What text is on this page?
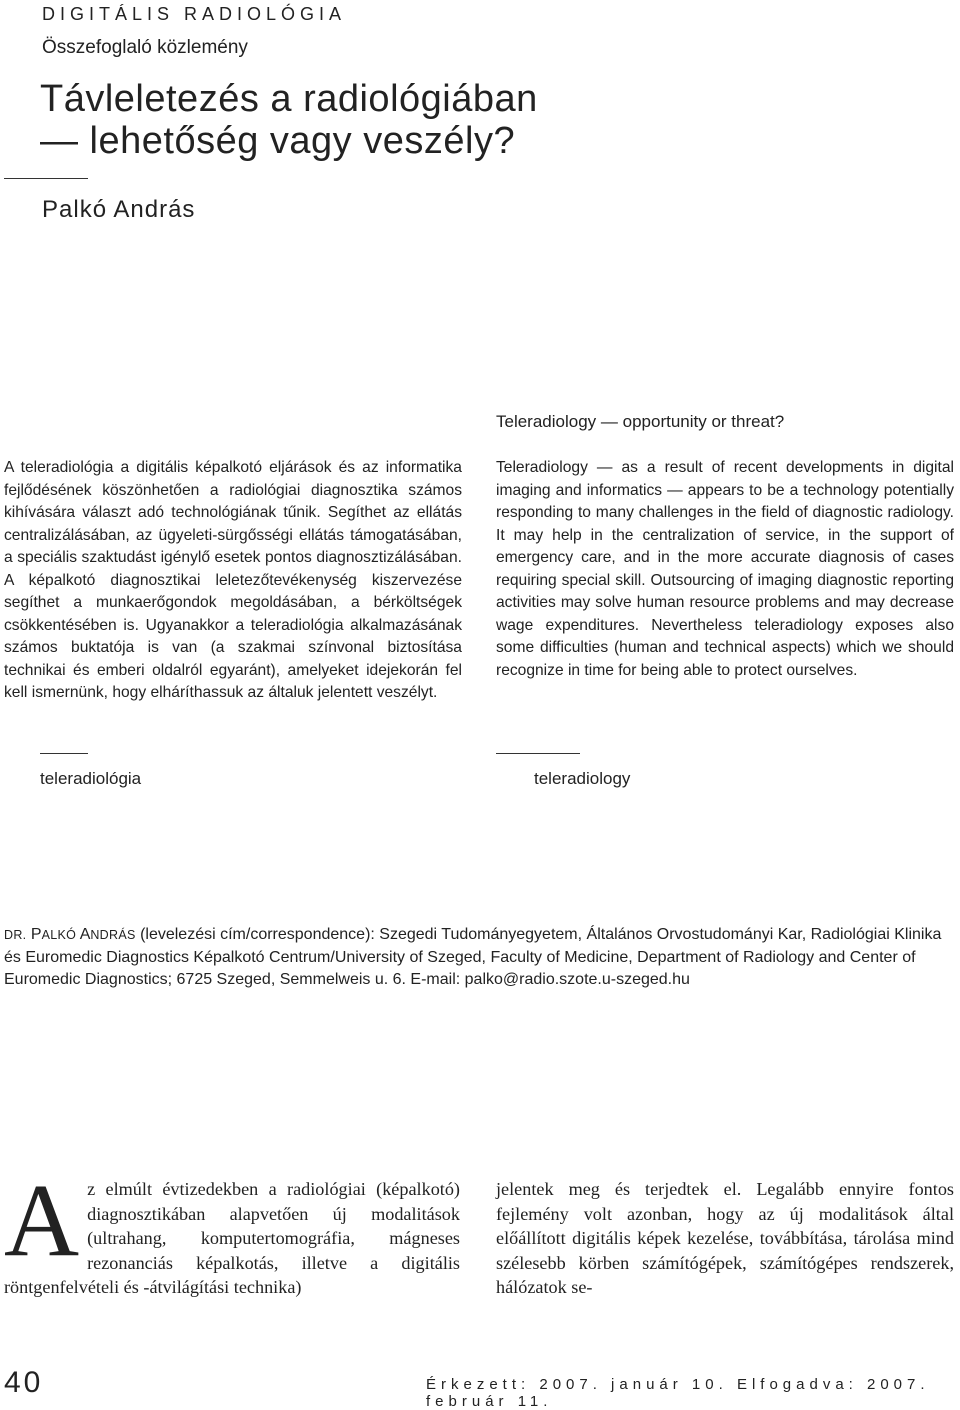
DIGITÁLIS RADIOLÓGIA
Összefoglaló közlemény
Távleletezés a radiológiában
— lehetőség vagy veszély?
Palkó András

A teleradiológia a digitális képalkotó eljárások és az informatika fejlődésének köszönhetően a radiológiai diagnosztika számos kihívására választ adó technológiának tűnik. Segíthet az ellátás centralizálásában, az ügyeleti-sürgősségi ellátás támogatásában, a speciális szaktudást igénylő esetek pontos diagnosztizálásában. A képalkotó diagnosztikai leletezőtevékenység kiszervezése segíthet a munkaerőgondok megoldásában, a bérköltségek csökkentésében is. Ugyanakkor a teleradiológia alkalmazásának számos buktatója is van (a szakmai színvonal biztosítása technikai és emberi oldalról egyaránt), amelyeket idejekorán fel kell ismernünk, hogy elháríthassuk az általuk jelentett veszélyt.

teleradiológia
Teleradiology — opportunity or threat?

Teleradiology — as a result of recent developments in digital imaging and informatics — appears to be a technology potentially responding to many challenges in the field of diagnostic radiology. It may help in the centralization of service, in the support of emergency care, and in the more accurate diagnosis of cases requiring special skill. Outsourcing of imaging diagnostic reporting activities may solve human resource problems and may decrease wage expenditures. Nevertheless teleradiology exposes also some difficulties (human and technical aspects) which we should recognize in time for being able to protect ourselves.

teleradiology
DR. PALKÓ ANDRÁS (levelezési cím/correspondence): Szegedi Tudományegyetem, Általános Orvostudományi Kar, Radiológiai Klinika és Euromedic Diagnostics Képalkotó Centrum/University of Szeged, Faculty of Medicine, Department of Radiology and Center of Euromedic Diagnostics; 6725 Szeged, Semmelweis u. 6. E-mail: palko@radio.szote.u-szeged.hu
A z elmúlt évtizedekben a radiológiai (képalkotó) diagnosztikában alapvetően új modalitások (ultrahang, komputertomográfia, mágneses rezonanciás képalkotás, illetve a digitális röntgenfelvételi és -átvilágítási technika)

jelentek meg és terjedtek el. Legalább ennyire fontos fejlemény volt azonban, hogy az új modalitások által előállított digitális képek kezelése, továbbítása, tárolása mind szélesebb körben számítógépek, számítógépes rendszerek, hálózatok se-

40	Érkezett: 2007. január 10. Elfogadva: 2007. február 11.
